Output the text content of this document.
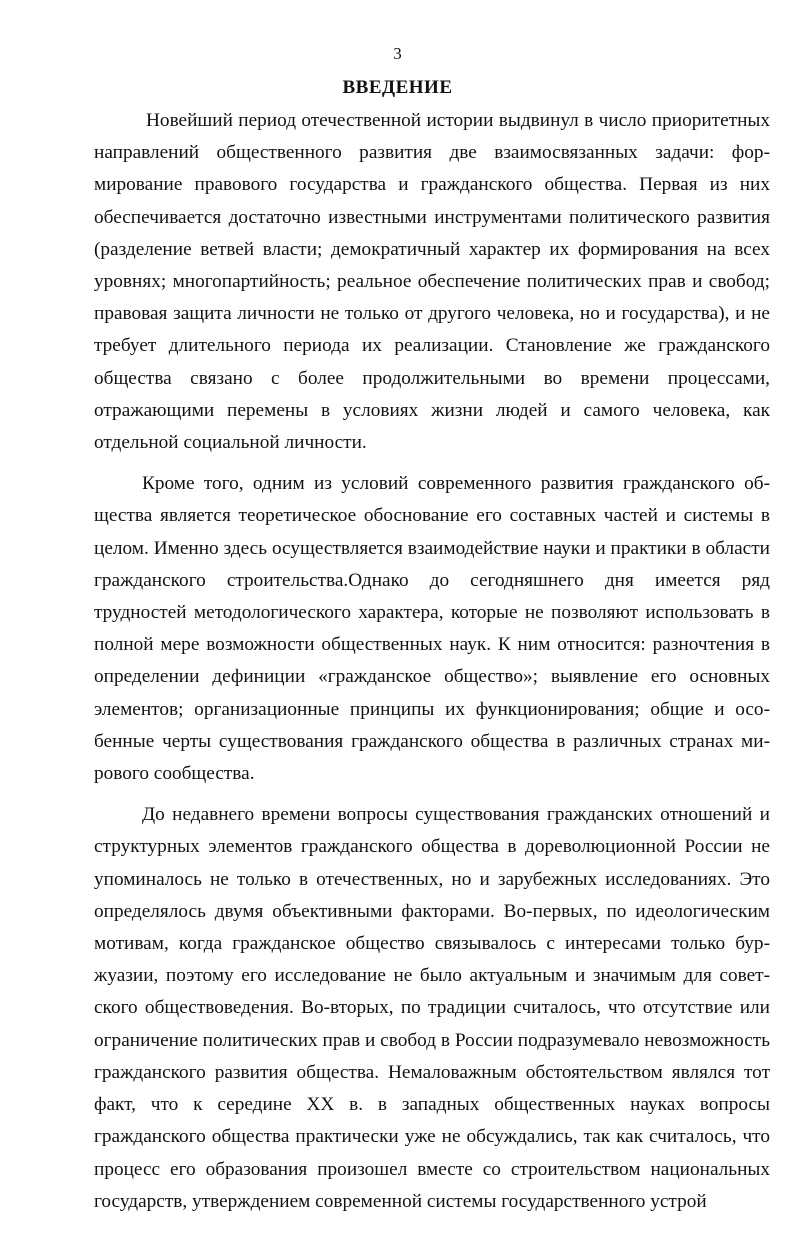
3
ВВЕДЕНИЕ

Новейший период отечественной истории выдвинул в число приоритетных направлений общественного развития две взаимосвязанных задачи: формирование правового государства и гражданского общества. Первая из них обеспечивается достаточно известными инструментами политического развития (разделение ветвей власти; демократичный характер их формирования на всех уровнях; многопартийность; реальное обеспечение политических прав и свобод; правовая защита личности не только от другого человека, но и государства), и не требует длительного периода их реализации. Становление же гражданского общества связано с более продолжительными во времени процессами, отражающими перемены в условиях жизни людей и самого человека, как отдельной социальной личности.

Кроме того, одним из условий современного развития гражданского общества является теоретическое обоснование его составных частей и системы в целом. Именно здесь осуществляется взаимодействие науки и практики в области гражданского строительства.Однако до сегодняшнего дня имеется ряд трудностей методологического характера, которые не позволяют использовать в полной мере возможности общественных наук. К ним относится: разночтения в определении дефиниции «гражданское общество»; выявление его основных элементов; организационные принципы их функционирования; общие и особенные черты существования гражданского общества в различных странах мирового сообщества.

До недавнего времени вопросы существования гражданских отношений и структурных элементов гражданского общества в дореволюционной России не упоминалось не только в отечественных, но и зарубежных исследованиях. Это определялось двумя объективными факторами. Во-первых, по идеологическим мотивам, когда гражданское общество связывалось с интересами только буржуазии, поэтому его исследование не было актуальным и значимым для советского обществоведения. Во-вторых, по традиции считалось, что отсутствие или ограничение политических прав и свобод в России подразумевало невозможность гражданского развития общества. Немаловажным обстоятельством являлся тот факт, что к середине XX в. в западных общественных науках вопросы гражданского общества практически уже не обсуждались, так как считалось, что процесс его образования произошел вместе со строительством национальных государств, утверждением современной системы государственного устрой
